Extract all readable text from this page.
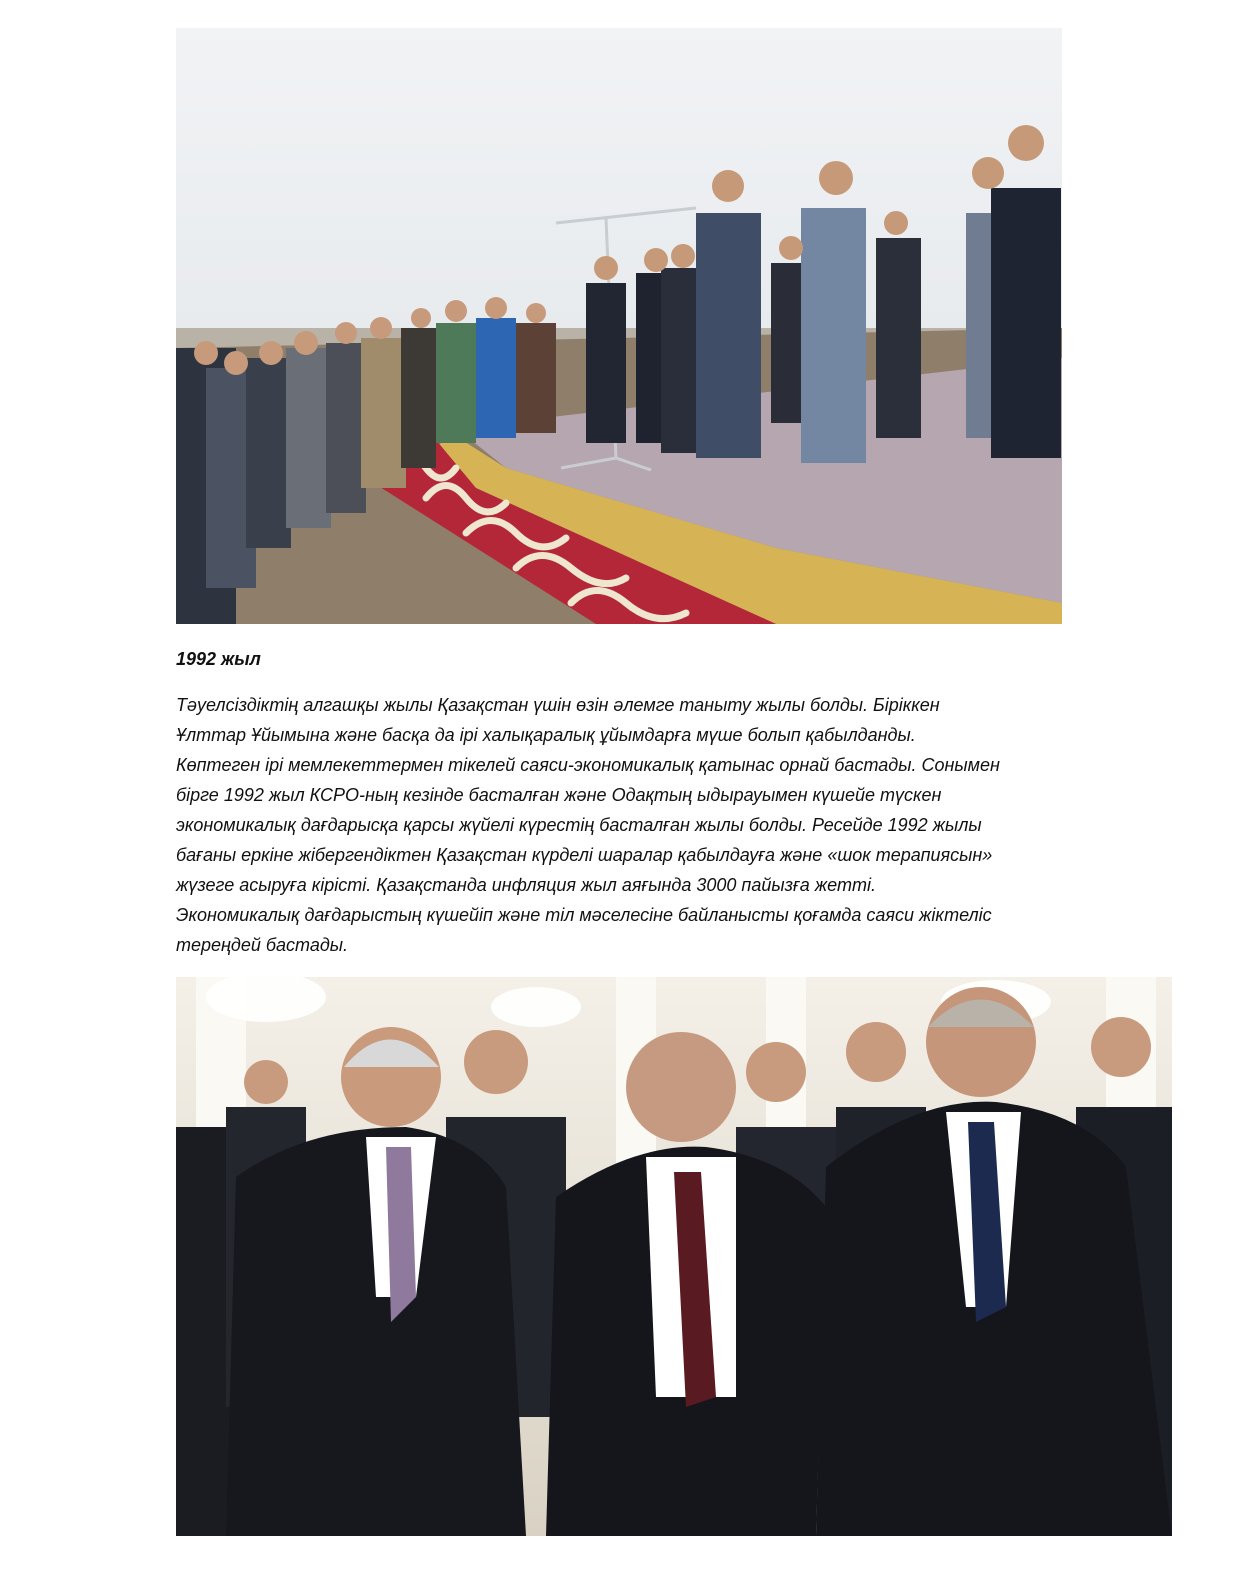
1992 жыл
Тәуелсіздіктің алгашқы жылы Қазақстан үшін өзін әлемге таныту жылы болды. Біріккен
Ұлттар Ұйымына және басқа да ірі халықаралық ұйымдарға мүше болып қабылданды.
Көптеген ірі мемлекеттермен тікелей саяси-экономикалық қатынас орнай бастады. Сонымен
бірге 1992 жыл КСРО-ның кезінде басталған және Одақтың ыдырауымен күшейе түскен
экономикалық дағдарысқа қарсы жүйелі күрестің басталған жылы болды. Ресейде 1992 жылы
бағаны еркіне жібергендіктен Қазақстан күрделі шаралар қабылдауға және «шок терапиясын»
жүзеге асыруға кірісті. Қазақстанда инфляция жыл аяғында 3000 пайызға жетті.
Экономикалық дағдарыстың күшейіп және тіл мәселесіне байланысты қоғамда саяси жіктеліс
тереңдей бастады.
